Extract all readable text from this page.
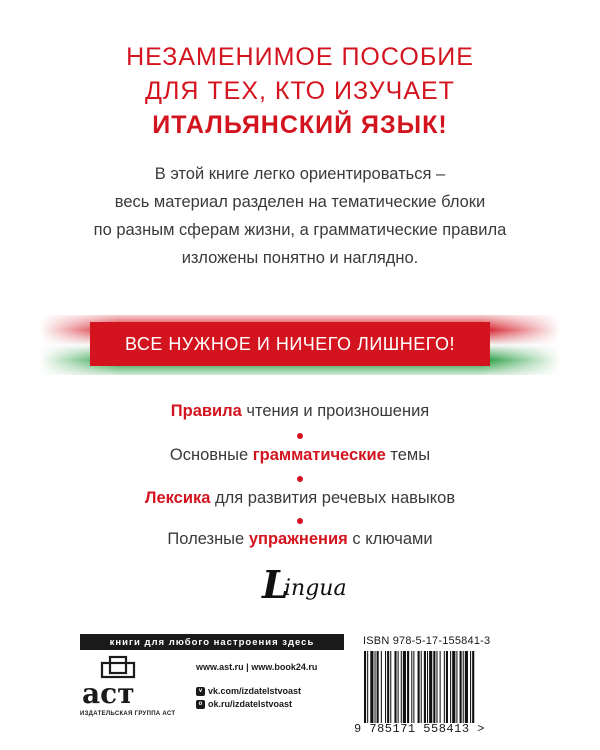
НЕЗАМЕНИМОЕ ПОСОБИЕ
ДЛЯ ТЕХ, КТО ИЗУЧАЕТ
ИТАЛЬЯНСКИЙ ЯЗЫК!
В этой книге легко ориентироваться –
весь материал разделен на тематические блоки
по разным сферам жизни, а грамматические правила
изложены понятно и наглядно.
ВСЕ НУЖНОЕ И НИЧЕГО ЛИШНЕГО!
Правила чтения и произношения
Основные грамматические темы
Лексика для развития речевых навыков
Полезные упражнения с ключами
L
ingua
книги для любого настроения здесь
аст
ИЗДАТЕЛЬСКАЯ ГРУППА АСТ
www.ast.ru | www.book24.ru
v vk.com/izdatelstvoast
o ok.ru/izdatelstvoast
ISBN 978-5-17-155841-3
9 785171 558413 >
